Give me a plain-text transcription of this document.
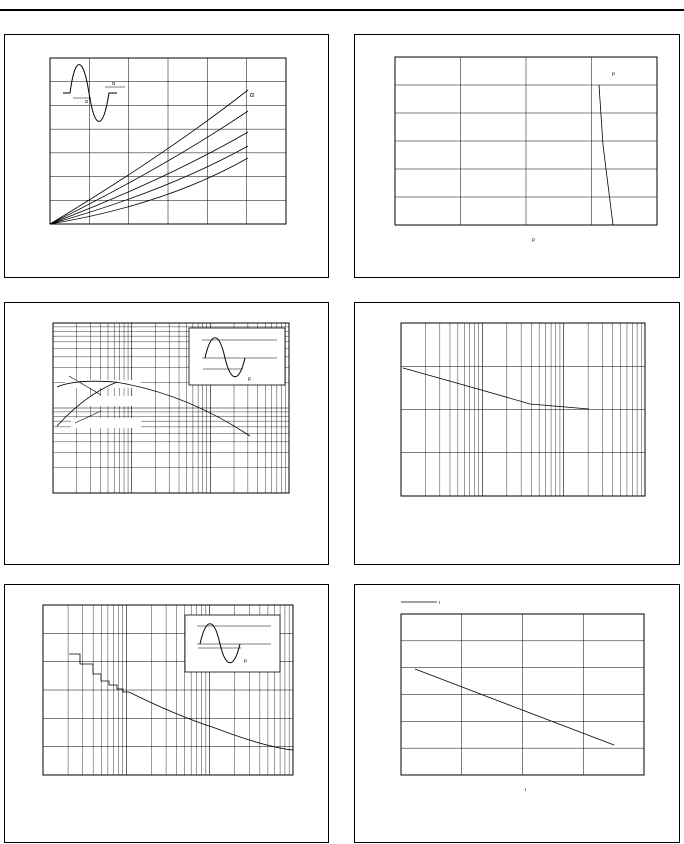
α
α
α
ρ
ρ
ρ
ρ
ι
ι
